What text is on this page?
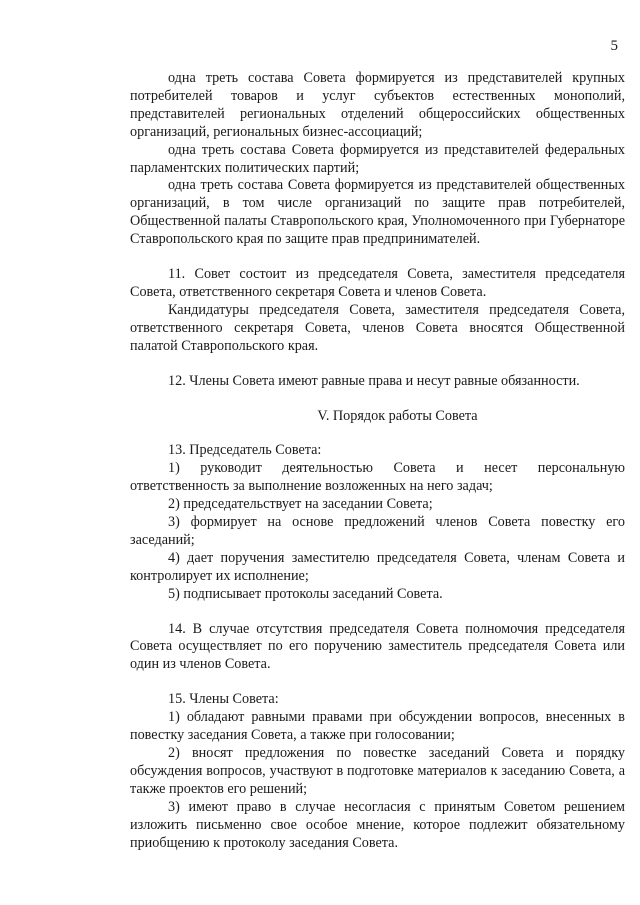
5

одна треть состава Совета формируется из представителей крупных потребителей товаров и услуг субъектов естественных монополий, представителей региональных отделений общероссийских общественных организаций, региональных бизнес-ассоциаций;

одна треть состава Совета формируется из представителей федеральных парламентских политических партий;

одна треть состава Совета формируется из представителей общественных организаций, в том числе организаций по защите прав потребителей, Общественной палаты Ставропольского края, Уполномоченного при Губернаторе Ставропольского края по защите прав предпринимателей.

11. Совет состоит из председателя Совета, заместителя председателя Совета, ответственного секретаря Совета и членов Совета.

Кандидатуры председателя Совета, заместителя председателя Совета, ответственного секретаря Совета, членов Совета вносятся Общественной палатой Ставропольского края.

12. Члены Совета имеют равные права и несут равные обязанности.

V. Порядок работы Совета

13. Председатель Совета:

1) руководит деятельностью Совета и несет персональную ответственность за выполнение возложенных на него задач;

2) председательствует на заседании Совета;

3) формирует на основе предложений членов Совета повестку его заседаний;

4) дает поручения заместителю председателя Совета, членам Совета и контролирует их исполнение;

5) подписывает протоколы заседаний Совета.

14. В случае отсутствия председателя Совета полномочия председателя Совета осуществляет по его поручению заместитель председателя Совета или один из членов Совета.

15. Члены Совета:

1) обладают равными правами при обсуждении вопросов, внесенных в повестку заседания Совета, а также при голосовании;

2) вносят предложения по повестке заседаний Совета и порядку обсуждения вопросов, участвуют в подготовке материалов к заседанию Совета, а также проектов его решений;

3) имеют право в случае несогласия с принятым Советом решением изложить письменно свое особое мнение, которое подлежит обязательному приобщению к протоколу заседания Совета.
